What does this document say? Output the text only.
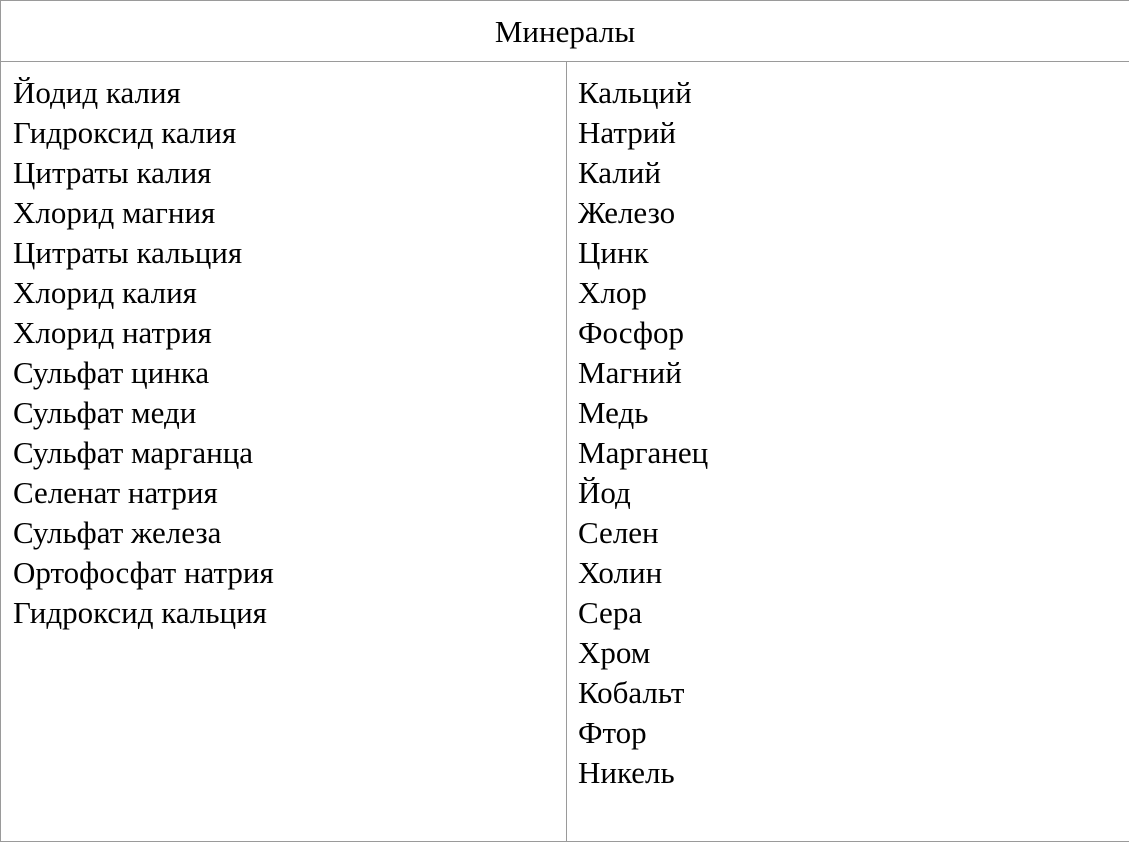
Минералы
Йодид калия
Гидроксид калия
Цитраты калия
Хлорид магния
Цитраты кальция
Хлорид калия
Хлорид натрия
Сульфат цинка
Сульфат меди
Сульфат марганца
Селенат натрия
Сульфат железа
Ортофосфат натрия
Гидроксид кальция
Кальций
Натрий
Калий
Железо
Цинк
Хлор
Фосфор
Магний
Медь
Марганец
Йод
Селен
Холин
Сера
Хром
Кобальт
Фтор
Никель
